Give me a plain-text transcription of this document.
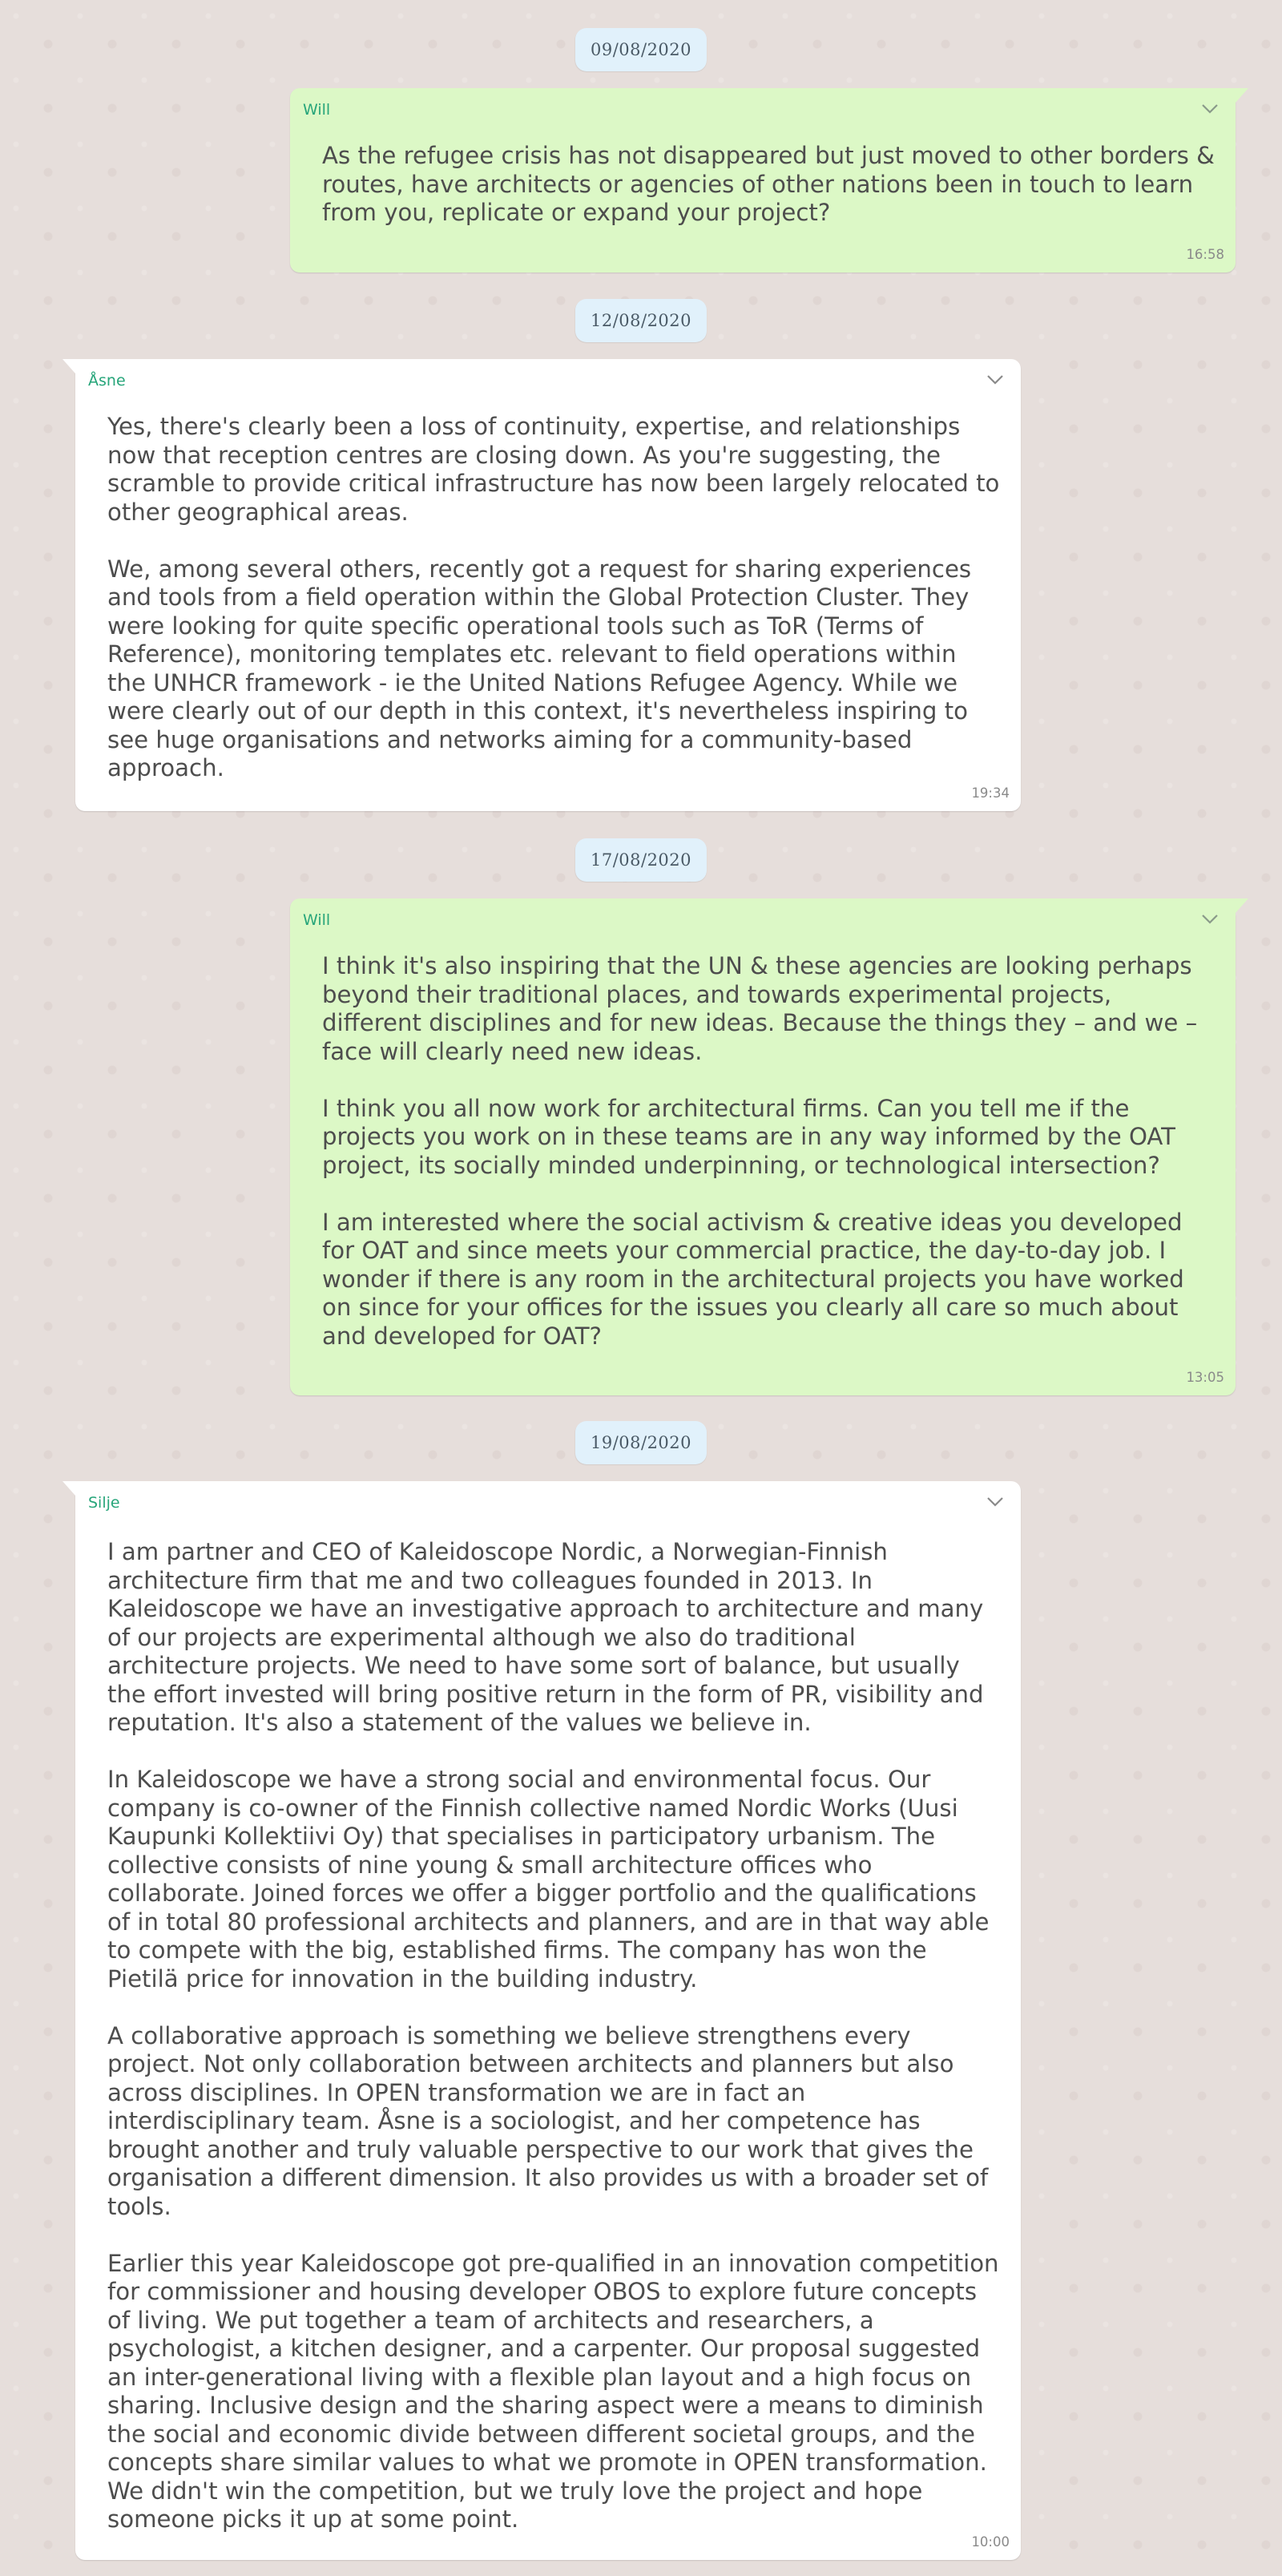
09/08/2020
Will

As the refugee crisis has not disappeared but just moved to other borders & routes, have architects or agencies of other nations been in touch to learn from you, replicate or expand your project?

16:58
12/08/2020
Åsne

Yes, there's clearly been a loss of continuity, expertise, and relationships now that reception centres are closing down. As you're suggesting, the scramble to provide critical infrastructure has now been largely relocated to other geographical areas.

We, among several others, recently got a request for sharing experiences and tools from a field operation within the Global Protection Cluster. They were looking for quite specific operational tools such as ToR (Terms of Reference), monitoring templates etc. relevant to field operations within the UNHCR framework - ie the United Nations Refugee Agency. While we were clearly out of our depth in this context, it's nevertheless inspiring to see huge organisations and networks aiming for a community-based approach.

19:34
17/08/2020
Will

I think it's also inspiring that the UN & these agencies are looking perhaps beyond their traditional places, and towards experimental projects, different disciplines and for new ideas. Because the things they – and we – face will clearly need new ideas.

I think you all now work for architectural firms. Can you tell me if the projects you work on in these teams are in any way informed by the OAT project, its socially minded underpinning, or technological intersection?

I am interested where the social activism & creative ideas you developed for OAT and since meets your commercial practice, the day-to-day job. I wonder if there is any room in the architectural projects you have worked on since for your offices for the issues you clearly all care so much about and developed for OAT?

13:05
19/08/2020
Silje

I am partner and CEO of Kaleidoscope Nordic, a Norwegian-Finnish architecture firm that me and two colleagues founded in 2013. In Kaleidoscope we have an investigative approach to architecture and many of our projects are experimental although we also do traditional architecture projects. We need to have some sort of balance, but usually the effort invested will bring positive return in the form of PR, visibility and reputation. It's also a statement of the values we believe in.

In Kaleidoscope we have a strong social and environmental focus. Our company is co-owner of the Finnish collective named Nordic Works (Uusi Kaupunki Kollektiivi Oy) that specialises in participatory urbanism. The collective consists of nine young & small architecture offices who collaborate. Joined forces we offer a bigger portfolio and the qualifications of in total 80 professional architects and planners, and are in that way able to compete with the big, established firms. The company has won the Pietilä price for innovation in the building industry.

A collaborative approach is something we believe strengthens every project. Not only collaboration between architects and planners but also across disciplines. In OPEN transformation we are in fact an interdisciplinary team. Åsne is a sociologist, and her competence has brought another and truly valuable perspective to our work that gives the organisation a different dimension. It also provides us with a broader set of tools.

Earlier this year Kaleidoscope got pre-qualified in an innovation competition for commissioner and housing developer OBOS to explore future concepts of living. We put together a team of architects and researchers, a psychologist, a kitchen designer, and a carpenter. Our proposal suggested an inter-generational living with a flexible plan layout and a high focus on sharing. Inclusive design and the sharing aspect were a means to diminish the social and economic divide between different societal groups, and the concepts share similar values to what we promote in OPEN transformation. We didn't win the competition, but we truly love the project and hope someone picks it up at some point.

10:00
